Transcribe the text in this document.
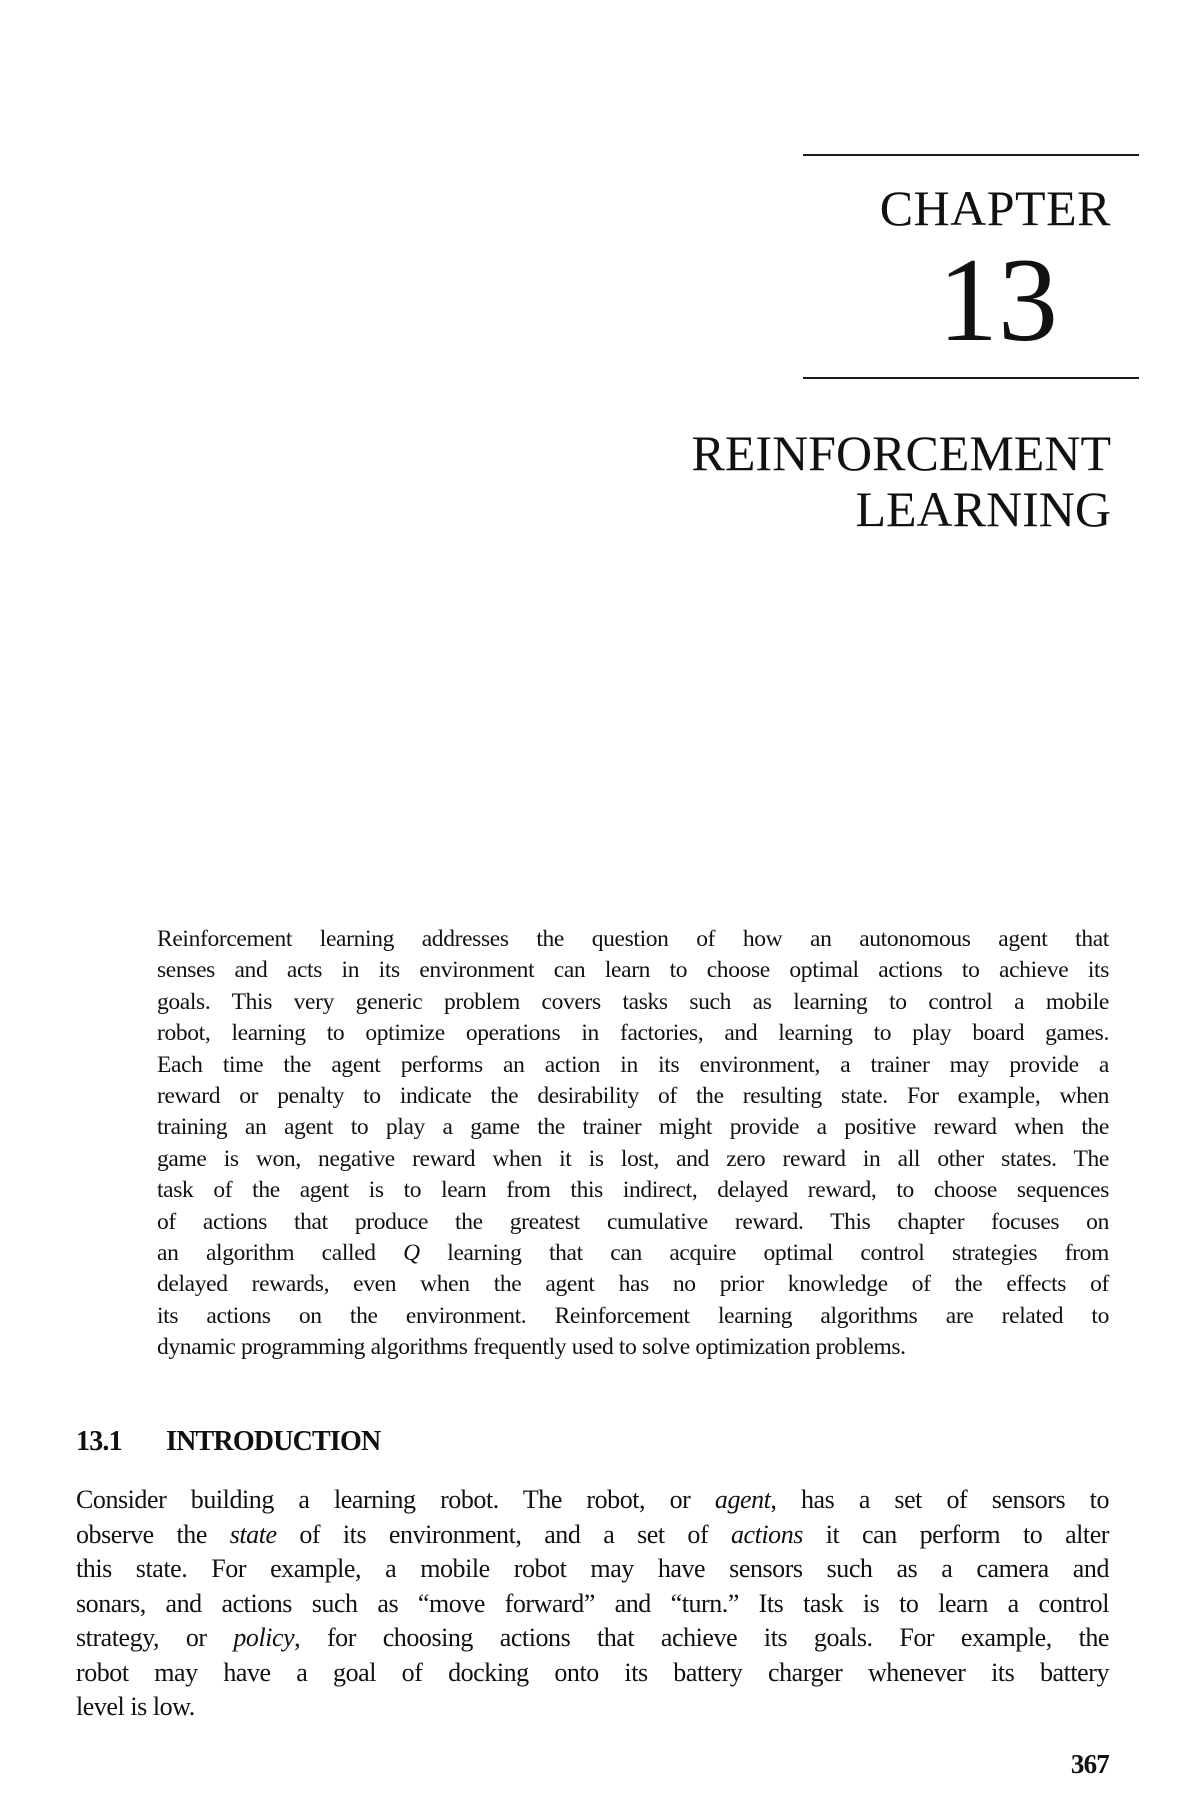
CHAPTER
13
REINFORCEMENT
LEARNING
Reinforcement learning addresses the question of how an autonomous agent that
senses and acts in its environment can learn to choose optimal actions to achieve its
goals. This very generic problem covers tasks such as learning to control a mobile
robot, learning to optimize operations in factories, and learning to play board games.
Each time the agent performs an action in its environment, a trainer may provide a
reward or penalty to indicate the desirability of the resulting state. For example, when
training an agent to play a game the trainer might provide a positive reward when the
game is won, negative reward when it is lost, and zero reward in all other states. The
task of the agent is to learn from this indirect, delayed reward, to choose sequences
of actions that produce the greatest cumulative reward. This chapter focuses on
an algorithm called Q learning that can acquire optimal control strategies from
delayed rewards, even when the agent has no prior knowledge of the effects of
its actions on the environment. Reinforcement learning algorithms are related to
dynamic programming algorithms frequently used to solve optimization problems.
13.1 INTRODUCTION
Consider building a learning robot. The robot, or agent, has a set of sensors to
observe the state of its environment, and a set of actions it can perform to alter
this state. For example, a mobile robot may have sensors such as a camera and
sonars, and actions such as “move forward” and “turn.” Its task is to learn a control
strategy, or policy, for choosing actions that achieve its goals. For example, the
robot may have a goal of docking onto its battery charger whenever its battery
level is low.
367
